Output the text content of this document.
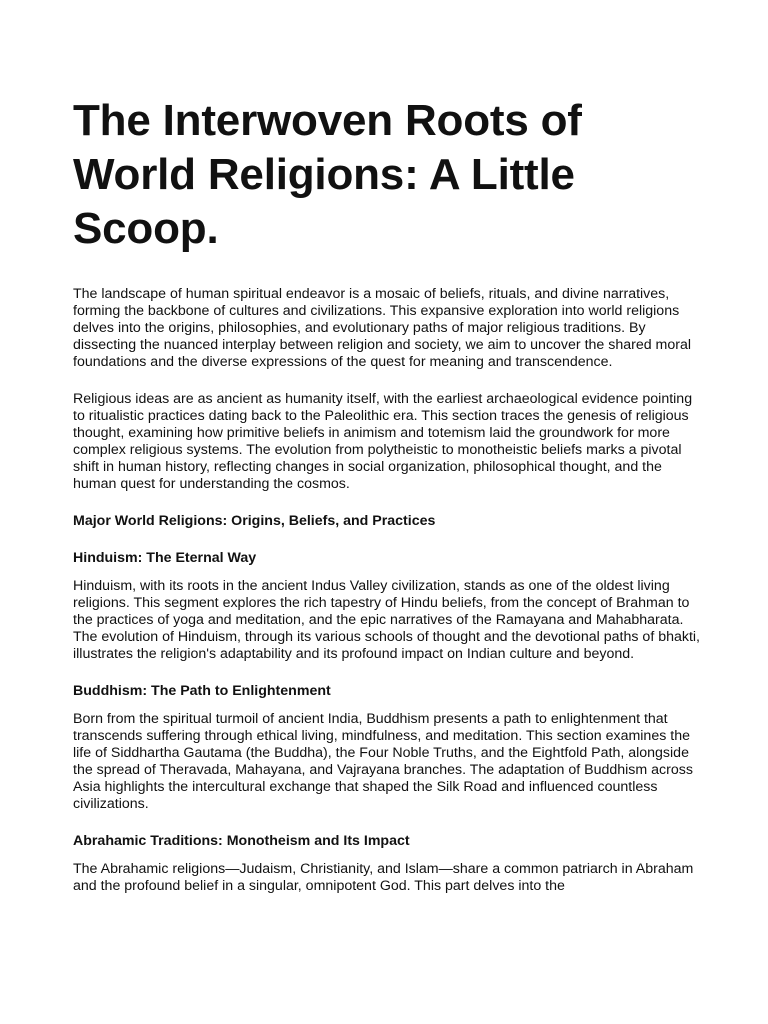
The Interwoven Roots of World Religions: A Little Scoop.

The landscape of human spiritual endeavor is a mosaic of beliefs, rituals, and divine narratives, forming the backbone of cultures and civilizations. This expansive exploration into world religions delves into the origins, philosophies, and evolutionary paths of major religious traditions. By dissecting the nuanced interplay between religion and society, we aim to uncover the shared moral foundations and the diverse expressions of the quest for meaning and transcendence.

Religious ideas are as ancient as humanity itself, with the earliest archaeological evidence pointing to ritualistic practices dating back to the Paleolithic era. This section traces the genesis of religious thought, examining how primitive beliefs in animism and totemism laid the groundwork for more complex religious systems. The evolution from polytheistic to monotheistic beliefs marks a pivotal shift in human history, reflecting changes in social organization, philosophical thought, and the human quest for understanding the cosmos.

Major World Religions: Origins, Beliefs, and Practices
Hinduism: The Eternal Way

Hinduism, with its roots in the ancient Indus Valley civilization, stands as one of the oldest living religions. This segment explores the rich tapestry of Hindu beliefs, from the concept of Brahman to the practices of yoga and meditation, and the epic narratives of the Ramayana and Mahabharata. The evolution of Hinduism, through its various schools of thought and the devotional paths of bhakti, illustrates the religion's adaptability and its profound impact on Indian culture and beyond.

Buddhism: The Path to Enlightenment

Born from the spiritual turmoil of ancient India, Buddhism presents a path to enlightenment that transcends suffering through ethical living, mindfulness, and meditation. This section examines the life of Siddhartha Gautama (the Buddha), the Four Noble Truths, and the Eightfold Path, alongside the spread of Theravada, Mahayana, and Vajrayana branches. The adaptation of Buddhism across Asia highlights the intercultural exchange that shaped the Silk Road and influenced countless civilizations.

Abrahamic Traditions: Monotheism and Its Impact

The Abrahamic religions—Judaism, Christianity, and Islam—share a common patriarch in Abraham and the profound belief in a singular, omnipotent God. This part delves into the
